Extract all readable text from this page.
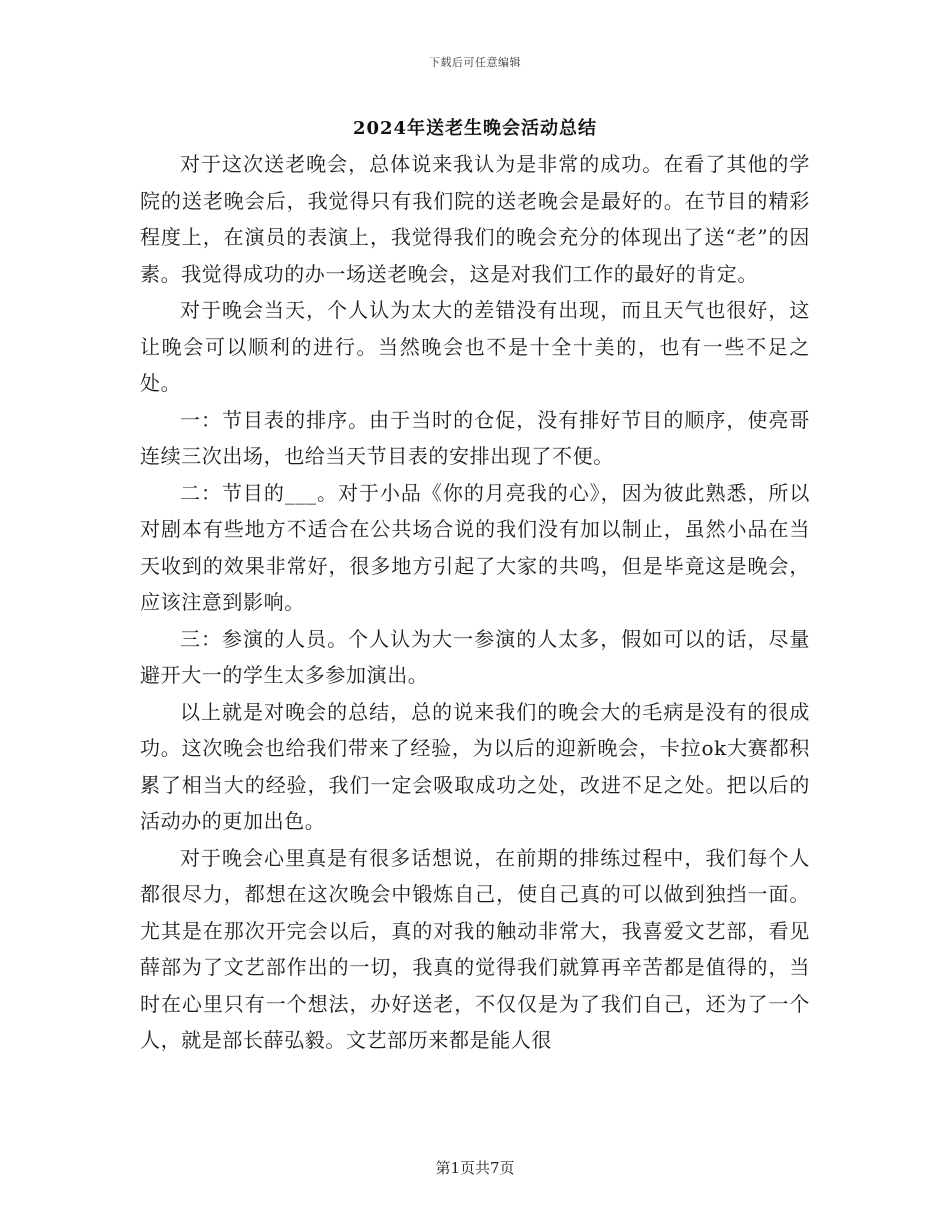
下载后可任意编辑
2024年送老生晚会活动总结

对于这次送老晚会，总体说来我认为是非常的成功。在看了其他的学院的送老晚会后，我觉得只有我们院的送老晚会是最好的。在节目的精彩程度上，在演员的表演上，我觉得我们的晚会充分的体现出了送“老”的因素。我觉得成功的办一场送老晚会，这是对我们工作的最好的肯定。

对于晚会当天，个人认为太大的差错没有出现，而且天气也很好，这让晚会可以顺利的进行。当然晚会也不是十全十美的，也有一些不足之处。

一：节目表的排序。由于当时的仓促，没有排好节目的顺序，使亮哥连续三次出场，也给当天节目表的安排出现了不便。

二：节目的___。对于小品《你的月亮我的心》，因为彼此熟悉，所以对剧本有些地方不适合在公共场合说的我们没有加以制止，虽然小品在当天收到的效果非常好，很多地方引起了大家的共鸣，但是毕竟这是晚会，应该注意到影响。

三：参演的人员。个人认为大一参演的人太多，假如可以的话，尽量避开大一的学生太多参加演出。

以上就是对晚会的总结，总的说来我们的晚会大的毛病是没有的很成功。这次晚会也给我们带来了经验，为以后的迎新晚会，卡拉ok大赛都积累了相当大的经验，我们一定会吸取成功之处，改进不足之处。把以后的活动办的更加出色。

对于晚会心里真是有很多话想说，在前期的排练过程中，我们每个人都很尽力，都想在这次晚会中锻炼自己，使自己真的可以做到独挡一面。尤其是在那次开完会以后，真的对我的触动非常大，我喜爱文艺部，看见薛部为了文艺部作出的一切，我真的觉得我们就算再辛苦都是值得的，当时在心里只有一个想法，办好送老，不仅仅是为了我们自己，还为了一个人，就是部长薛弘毅。文艺部历来都是能人很

第1页共7页
